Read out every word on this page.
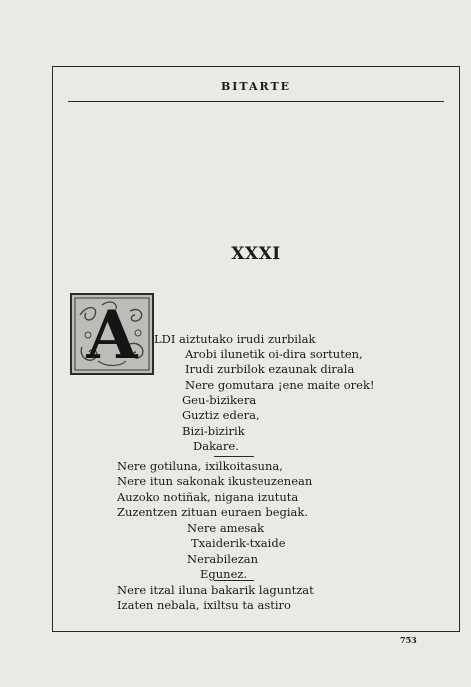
BITARTE
XXXI
A	LDI aiztutako irudi zurbilak
Arobi ilunetik oi-dira sortuten,
Irudi zurbilok ezaunak dirala
Nere gomutara ¡ene maite orek!
Geu-bizikera
Guztiz edera,
Bizi-bizirik
Dakare.
Nere gotiluna, ixilkoitasuna,
Nere itun sakonak ikusteuzenean
Auzoko notiñak, nigana izututa
Zuzentzen zituan euraen begiak.
Nere amesak
Txaiderik-txaide
Nerabilezan
Egunez.
Nere itzal iluna bakarik laguntzat
Izaten nebala, ixiltsu ta astiro
753
